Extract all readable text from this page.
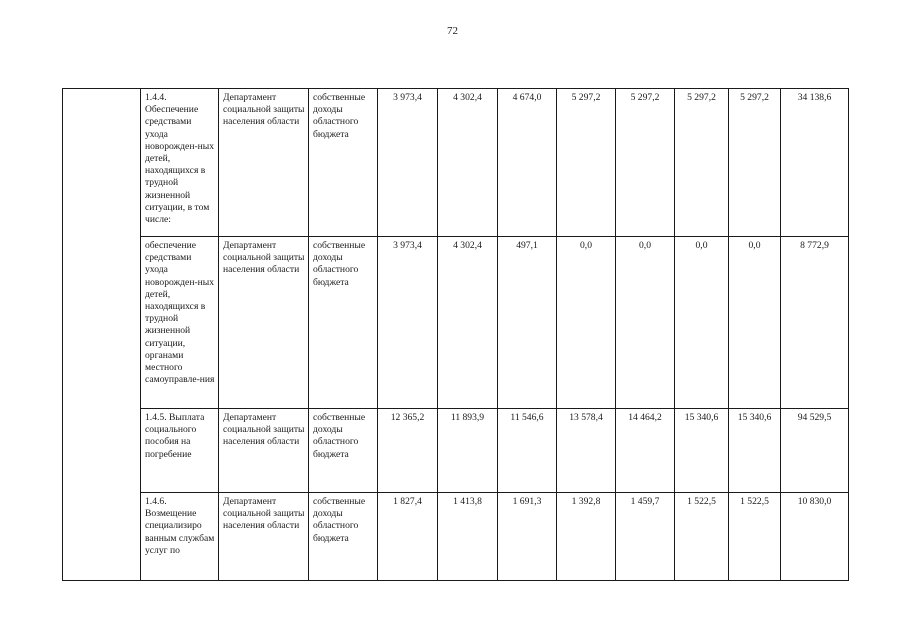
72
	1.4.4. Обеспечение средствами ухода новорожден-ных детей, находящихся в трудной жизненной ситуации, в том числе:	Департамент социальной защиты населения области	собственные доходы областного бюджета	3 973,4	4 302,4	4 674,0	5 297,2	5 297,2	5 297,2	5 297,2	34 138,6
	обеспечение средствами ухода новорожден-ных детей, находящихся в трудной жизненной ситуации, органами местного самоуправле-ния	Департамент социальной защиты населения области	собственные доходы областного бюджета	3 973,4	4 302,4	497,1	0,0	0,0	0,0	0,0	8 772,9
	1.4.5. Выплата социального пособия на погребение	Департамент социальной защиты населения области	собственные доходы областного бюджета	12 365,2	11 893,9	11 546,6	13 578,4	14 464,2	15 340,6	15 340,6	94 529,5
	1.4.6. Возмещение специализиро ванным службам услуг по	Департамент социальной защиты населения области	собственные доходы областного бюджета	1 827,4	1 413,8	1 691,3	1 392,8	1 459,7	1 522,5	1 522,5	10 830,0
